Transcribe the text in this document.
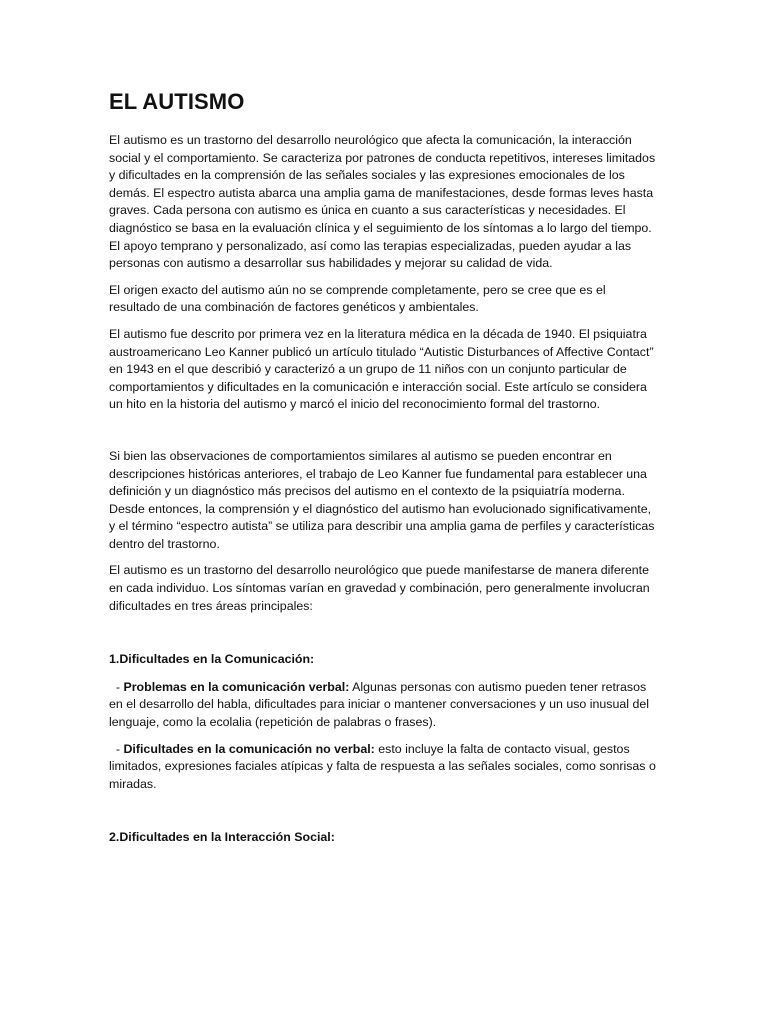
EL AUTISMO

El autismo es un trastorno del desarrollo neurológico que afecta la comunicación, la interacción social y el comportamiento. Se caracteriza por patrones de conducta repetitivos, intereses limitados y dificultades en la comprensión de las señales sociales y las expresiones emocionales de los demás. El espectro autista abarca una amplia gama de manifestaciones, desde formas leves hasta graves. Cada persona con autismo es única en cuanto a sus características y necesidades. El diagnóstico se basa en la evaluación clínica y el seguimiento de los síntomas a lo largo del tiempo. El apoyo temprano y personalizado, así como las terapias especializadas, pueden ayudar a las personas con autismo a desarrollar sus habilidades y mejorar su calidad de vida.

El origen exacto del autismo aún no se comprende completamente, pero se cree que es el resultado de una combinación de factores genéticos y ambientales.

El autismo fue descrito por primera vez en la literatura médica en la década de 1940. El psiquiatra austroamericano Leo Kanner publicó un artículo titulado “Autistic Disturbances of Affective Contact” en 1943 en el que describió y caracterizó a un grupo de 11 niños con un conjunto particular de comportamientos y dificultades en la comunicación e interacción social. Este artículo se considera un hito en la historia del autismo y marcó el inicio del reconocimiento formal del trastorno.

Si bien las observaciones de comportamientos similares al autismo se pueden encontrar en descripciones históricas anteriores, el trabajo de Leo Kanner fue fundamental para establecer una definición y un diagnóstico más precisos del autismo en el contexto de la psiquiatría moderna. Desde entonces, la comprensión y el diagnóstico del autismo han evolucionado significativamente, y el término “espectro autista” se utiliza para describir una amplia gama de perfiles y características dentro del trastorno.

El autismo es un trastorno del desarrollo neurológico que puede manifestarse de manera diferente en cada individuo. Los síntomas varían en gravedad y combinación, pero generalmente involucran dificultades en tres áreas principales:

1.Dificultades en la Comunicación:

- Problemas en la comunicación verbal: Algunas personas con autismo pueden tener retrasos en el desarrollo del habla, dificultades para iniciar o mantener conversaciones y un uso inusual del lenguaje, como la ecolalia (repetición de palabras o frases).

- Dificultades en la comunicación no verbal: esto incluye la falta de contacto visual, gestos limitados, expresiones faciales atípicas y falta de respuesta a las señales sociales, como sonrisas o miradas.

2.Dificultades en la Interacción Social:
